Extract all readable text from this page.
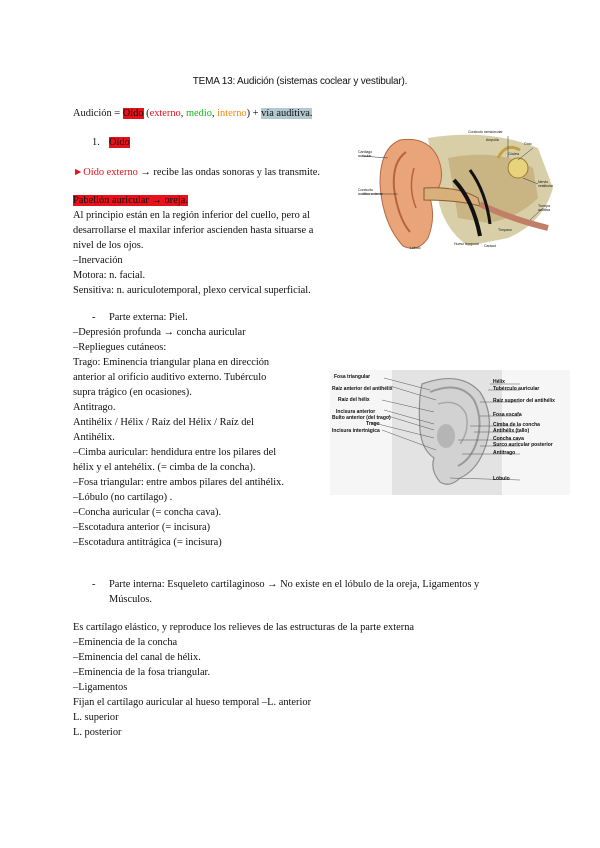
TEMA 13: Audición (sistemas coclear y vestibular).
Audición = Oído (externo, medio, interno) + vía auditiva.
1. Oído
►Oído externo → recibe las ondas sonoras y las transmite.
Pabellón auricular → oreja.
Al principio están en la región inferior del cuello, pero al
desarrollarse el maxilar inferior ascienden hasta situarse a
nivel de los ojos.
–Inervación
Motora: n. facial.
Sensitiva: n. auriculotemporal, plexo cervical superficial.
- Parte externa: Piel.
–Depresión profunda → concha auricular
–Repliegues cutáneos:
Trago: Eminencia triangular plana en dirección
anterior al orificio auditivo externo. Tubérculo
supra trágico (en ocasiones).
Antitrago.
Antihélix / Hélix / Raíz del Hélix / Raíz del
Antihélix.
–Cimba auricular: hendidura entre los pilares del
hélix y el antehélix. (= cimba de la concha).
–Fosa triangular: entre ambos pilares del antihélix.
–Lóbulo (no cartílago) .
–Concha auricular (= concha cava).
–Escotadura anterior (= incisura)
–Escotadura antitrágica (= incisura)
- Parte interna: Esqueleto cartilaginoso → No existe en el lóbulo de la oreja, Ligamentos y
Músculos.
Es cartílago elástico, y reproduce los relieves de las estructuras de la parte externa
–Eminencia de la concha
–Eminencia del canal de hélix.
–Eminencia de la fosa triangular.
–Ligamentos
Fijan el cartílago auricular al hueso temporal –L. anterior
L. superior
L. posterior
Cartílago auricular
Conducto auditivo externo
Conducto semicircular
Ampolla
Oído
Cóclea
Nervio vestibular
Trompa auditiva
Hueso temporal Caracol
Lóbulo
Tímpano
Fosa triangular
Raíz anterior del antihélix
Raíz del hélix
Incisura anterior
Bulto anterior (del trago)
Trago
Incisura intertrágica
Hélix
Tubérculo auricular
Raíz superior del antihélix
Fosa escafa
Cimba de la concha
Antihélix (tallo)
Concha cava
Surco auricular posterior
Antitrago
Lóbulo
